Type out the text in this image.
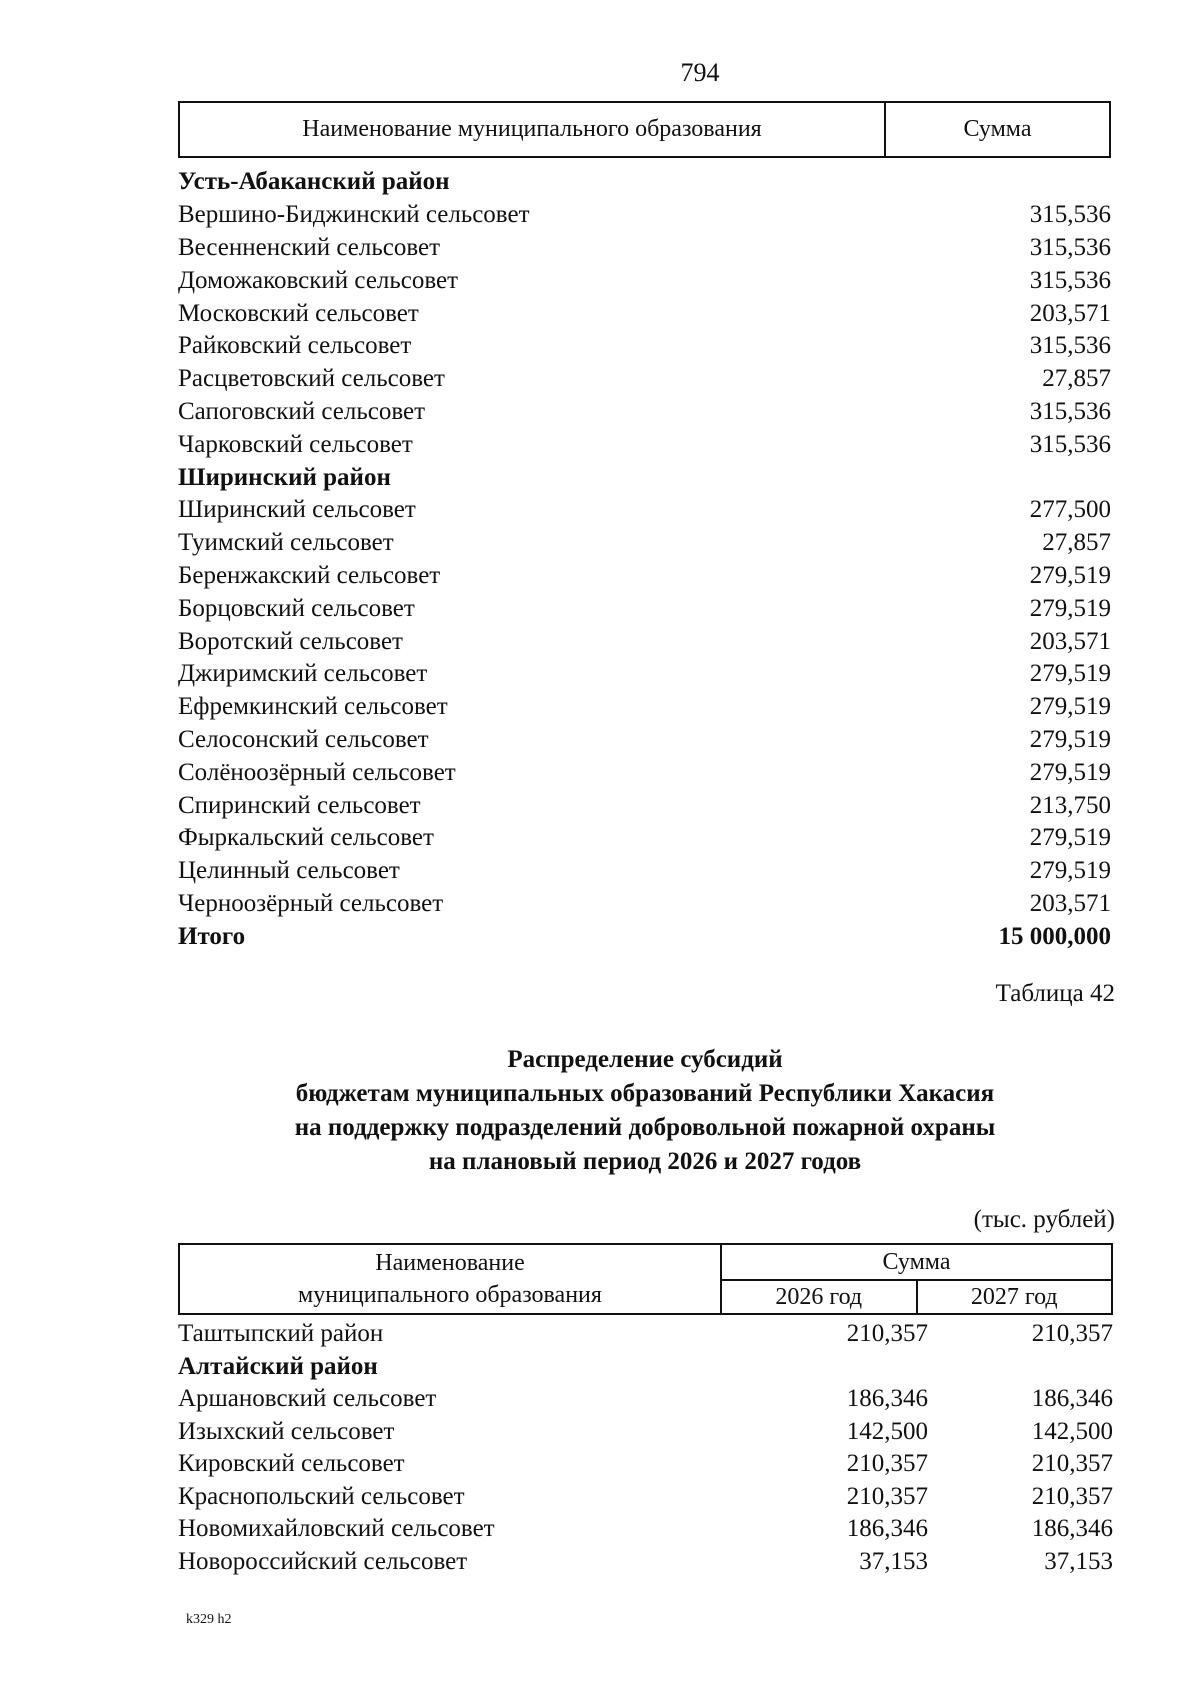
794
Наименование муниципального образования	Сумма
Усть-Абаканский район
Вершино-Биджинский сельсовет	315,536
Весенненский сельсовет	315,536
Доможаковский сельсовет	315,536
Московский сельсовет	203,571
Райковский сельсовет	315,536
Расцветовский сельсовет	27,857
Сапоговский сельсовет	315,536
Чарковский сельсовет	315,536
Ширинский район
Ширинский сельсовет	277,500
Туимский сельсовет	27,857
Беренжакский сельсовет	279,519
Борцовский сельсовет	279,519
Воротский сельсовет	203,571
Джиримский сельсовет	279,519
Ефремкинский сельсовет	279,519
Селосонский сельсовет	279,519
Солёноозёрный сельсовет	279,519
Спиринский сельсовет	213,750
Фыркальский сельсовет	279,519
Целинный сельсовет	279,519
Черноозёрный сельсовет	203,571
Итого	15 000,000
Таблица 42
Распределение субсидий
бюджетам муниципальных образований Республики Хакасия
на поддержку подразделений добровольной пожарной охраны
на плановый период 2026 и 2027 годов
(тыс. рублей)
Наименование
муниципального образования
Сумма
2026 год	2027 год
Таштыпский район	210,357	210,357
Алтайский район
Аршановский сельсовет	186,346	186,346
Изыхский сельсовет	142,500	142,500
Кировский сельсовет	210,357	210,357
Краснопольский сельсовет	210,357	210,357
Новомихайловский сельсовет	186,346	186,346
Новороссийский сельсовет	37,153	37,153
k329 h2
